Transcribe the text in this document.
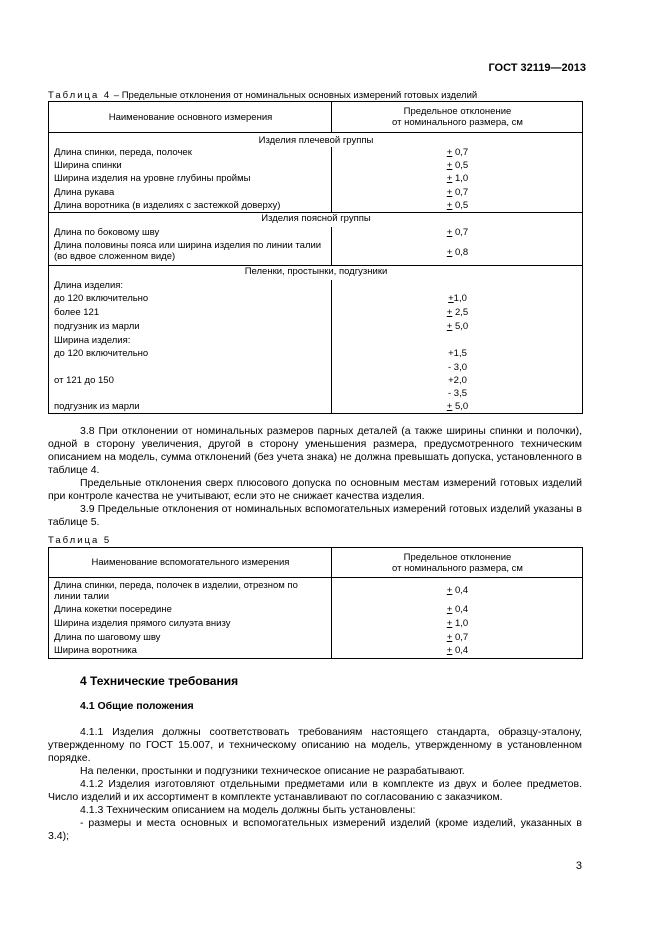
ГОСТ 32119—2013
Таблица 4 – Предельные отклонения от номинальных основных измерений готовых изделий
Наименование основного измерения	Предельное отклонение
от номинального размера, см
Изделия плечевой группы	
Длина спинки, переда, полочек	+ 0,7
Ширина спинки	+ 0,5
Ширина изделия на уровне глубины проймы	+ 1,0
Длина рукава	+ 0,7
Длина воротника (в изделиях с застежкой доверху)	+ 0,5
Изделия поясной группы	
Длина по боковому шву	+ 0,7
Длина половины пояса или ширина изделия по линии талии (во вдвое сложенном виде)	+ 0,8
Пеленки, простынки, подгузники	
Длина изделия:	
до 120 включительно	+1,0
более 121	+ 2,5
подгузник из марли	+ 5,0
Ширина изделия:	
до 120 включительно	+1,5
	- 3,0
от 121 до 150	+2,0
	- 3,5
подгузник из марли	+ 5,0

3.8 При отклонении от номинальных размеров парных деталей (а также ширины спинки и полочки), одной в сторону увеличения, другой в сторону уменьшения размера, предусмотренного техническим описанием на модель, сумма отклонений (без учета знака) не должна превышать допуска, установленного в таблице 4.

Предельные отклонения сверх плюсового допуска по основным местам измерений готовых изделий при контроле качества не учитывают, если это не снижает качества изделия.

3.9 Предельные отклонения от номинальных вспомогательных измерений готовых изделий указаны в таблице 5.

Таблица 5
Наименование вспомогательного измерения	Предельное отклонение
от номинального размера, см
Длина спинки, переда, полочек в изделии, отрезном по линии талии	+ 0,4
Длина кокетки посередине	+ 0,4
Ширина изделия прямого силуэта внизу	+ 1,0
Длина по шаговому шву	+ 0,7
Ширина воротника	+ 0,4
4 Технические требования
4.1 Общие положения

4.1.1 Изделия должны соответствовать требованиям настоящего стандарта, образцу-эталону, утвержденному по ГОСТ 15.007, и техническому описанию на модель, утвержденному в установленном порядке.

На пеленки, простынки и подгузники техническое описание не разрабатывают.

4.1.2 Изделия изготовляют отдельными предметами или в комплекте из двух и более предметов. Число изделий и их ассортимент в комплекте устанавливают по согласованию с заказчиком.

4.1.3 Техническим описанием на модель должны быть установлены:

- размеры и места основных и вспомогательных измерений изделий (кроме изделий, указанных в 3.4);

3
